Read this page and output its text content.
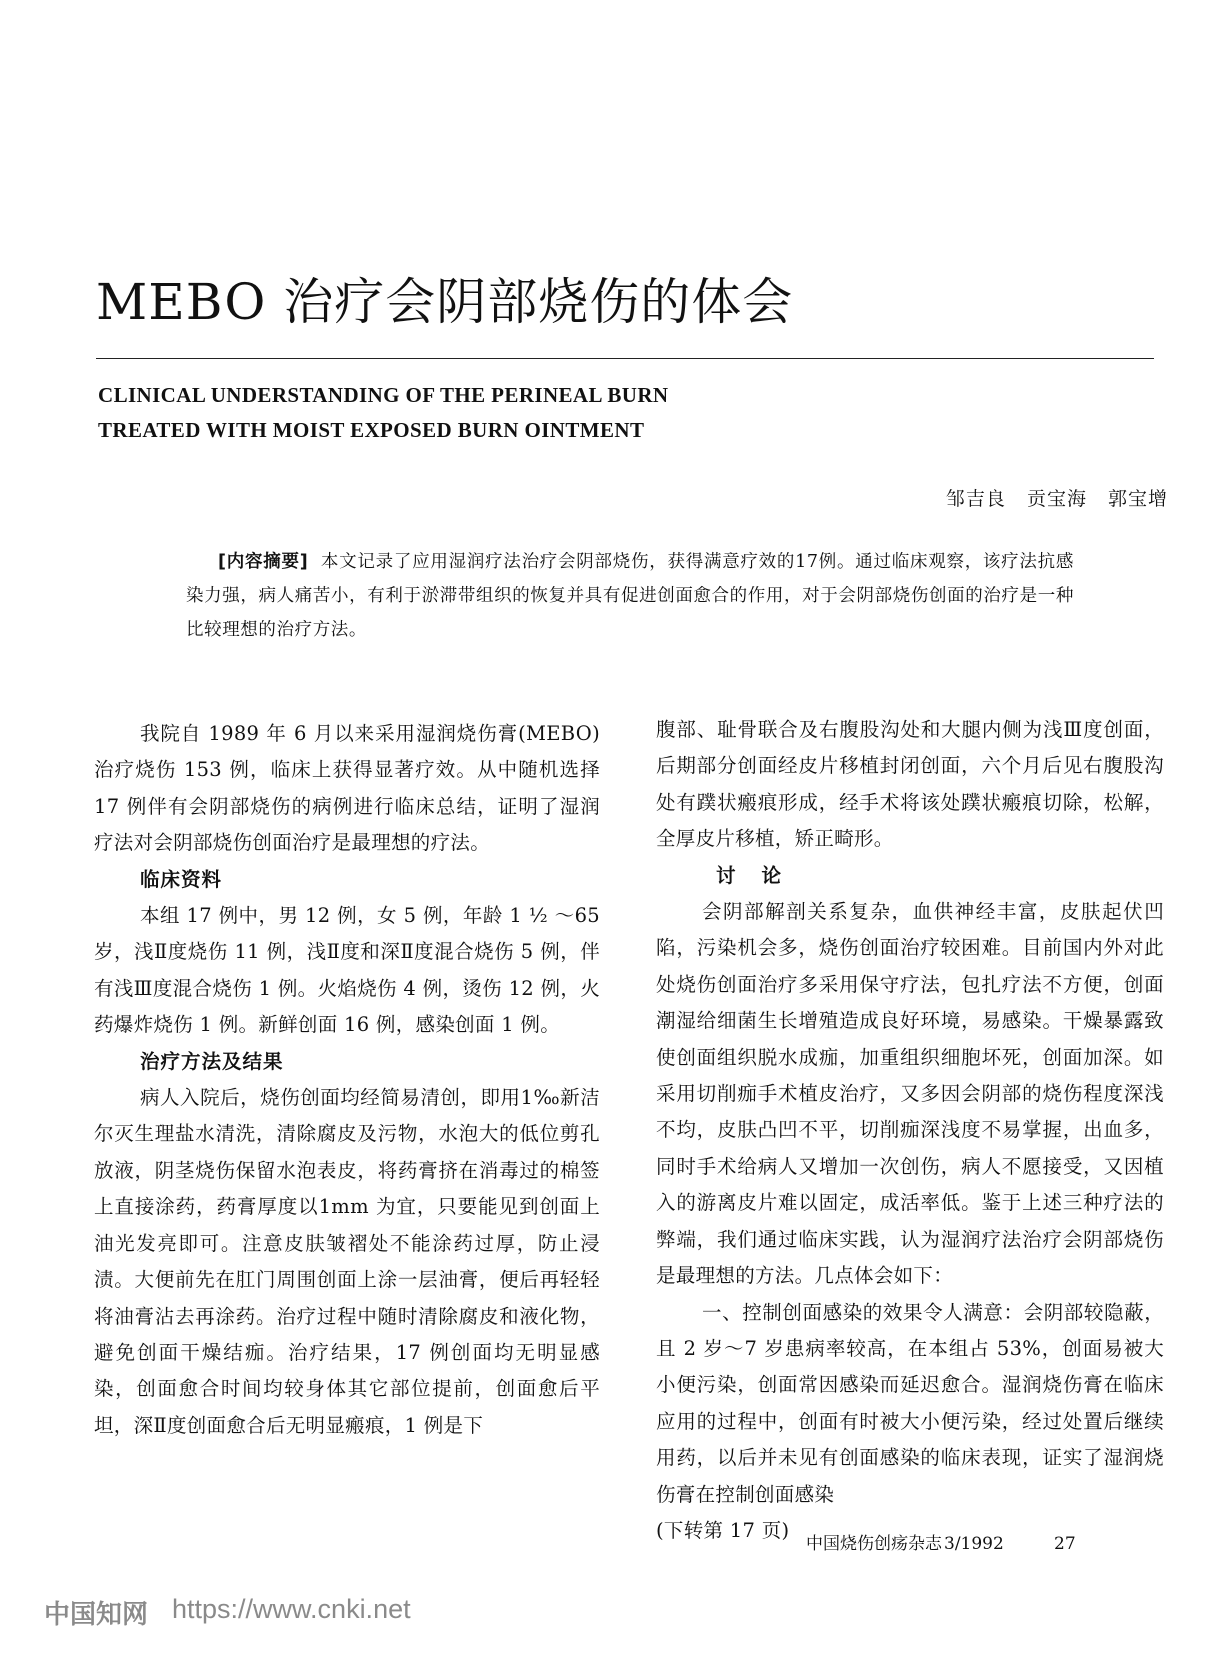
MEBO 治疗会阴部烧伤的体会
CLINICAL UNDERSTANDING OF THE PERINEAL BURN
TREATED WITH MOIST EXPOSED BURN OINTMENT
邹吉良 贡宝海 郭宝增
[内容摘要] 本文记录了应用湿润疗法治疗会阴部烧伤，获得满意疗效的17例。通过临床观察，该疗法抗感染力强，病人痛苦小，有利于淤滞带组织的恢复并具有促进创面愈合的作用，对于会阴部烧伤创面的治疗是一种比较理想的治疗方法。

我院自 1989 年 6 月以来采用湿润烧伤膏(MEBO)治疗烧伤 153 例，临床上获得显著疗效。从中随机选择 17 例伴有会阴部烧伤的病例进行临床总结，证明了湿润疗法对会阴部烧伤创面治疗是最理想的疗法。

临床资料

本组 17 例中，男 12 例，女 5 例，年龄 1 ½ ～65 岁，浅Ⅱ度烧伤 11 例，浅Ⅱ度和深Ⅱ度混合烧伤 5 例，伴有浅Ⅲ度混合烧伤 1 例。火焰烧伤 4 例，烫伤 12 例，火药爆炸烧伤 1 例。新鲜创面 16 例，感染创面 1 例。

治疗方法及结果

病人入院后，烧伤创面均经简易清创，即用1‰新洁尔灭生理盐水清洗，清除腐皮及污物，水泡大的低位剪孔放液，阴茎烧伤保留水泡表皮，将药膏挤在消毒过的棉签上直接涂药，药膏厚度以1mm 为宜，只要能见到创面上油光发亮即可。注意皮肤皱褶处不能涂药过厚，防止浸渍。大便前先在肛门周围创面上涂一层油膏，便后再轻轻将油膏沾去再涂药。治疗过程中随时清除腐皮和液化物，避免创面干燥结痂。治疗结果，17 例创面均无明显感染，创面愈合时间均较身体其它部位提前，创面愈后平坦，深Ⅱ度创面愈合后无明显瘢痕，1 例是下

腹部、耻骨联合及右腹股沟处和大腿内侧为浅Ⅲ度创面，后期部分创面经皮片移植封闭创面，六个月后见右腹股沟处有蹼状瘢痕形成，经手术将该处蹼状瘢痕切除，松解，全厚皮片移植，矫正畸形。

讨论

会阴部解剖关系复杂，血供神经丰富，皮肤起伏凹陷，污染机会多，烧伤创面治疗较困难。目前国内外对此处烧伤创面治疗多采用保守疗法，包扎疗法不方便，创面潮湿给细菌生长增殖造成良好环境，易感染。干燥暴露致使创面组织脱水成痂，加重组织细胞坏死，创面加深。如采用切削痂手术植皮治疗，又多因会阴部的烧伤程度深浅不均，皮肤凸凹不平，切削痂深浅度不易掌握，出血多，同时手术给病人又增加一次创伤，病人不愿接受，又因植入的游离皮片难以固定，成活率低。鉴于上述三种疗法的弊端，我们通过临床实践，认为湿润疗法治疗会阴部烧伤是最理想的方法。几点体会如下：

一、控制创面感染的效果令人满意：会阴部较隐蔽，且 2 岁～7 岁患病率较高，在本组占 53%，创面易被大小便污染，创面常因感染而延迟愈合。湿润烧伤膏在临床应用的过程中，创面有时被大小便污染，经过处置后继续用药，以后并未见有创面感染的临床表现，证实了湿润烧伤膏在控制创面感染

(下转第 17 页)

中国烧伤创疡杂志 3/1992	27
中国知网 https://www.cnki.net
